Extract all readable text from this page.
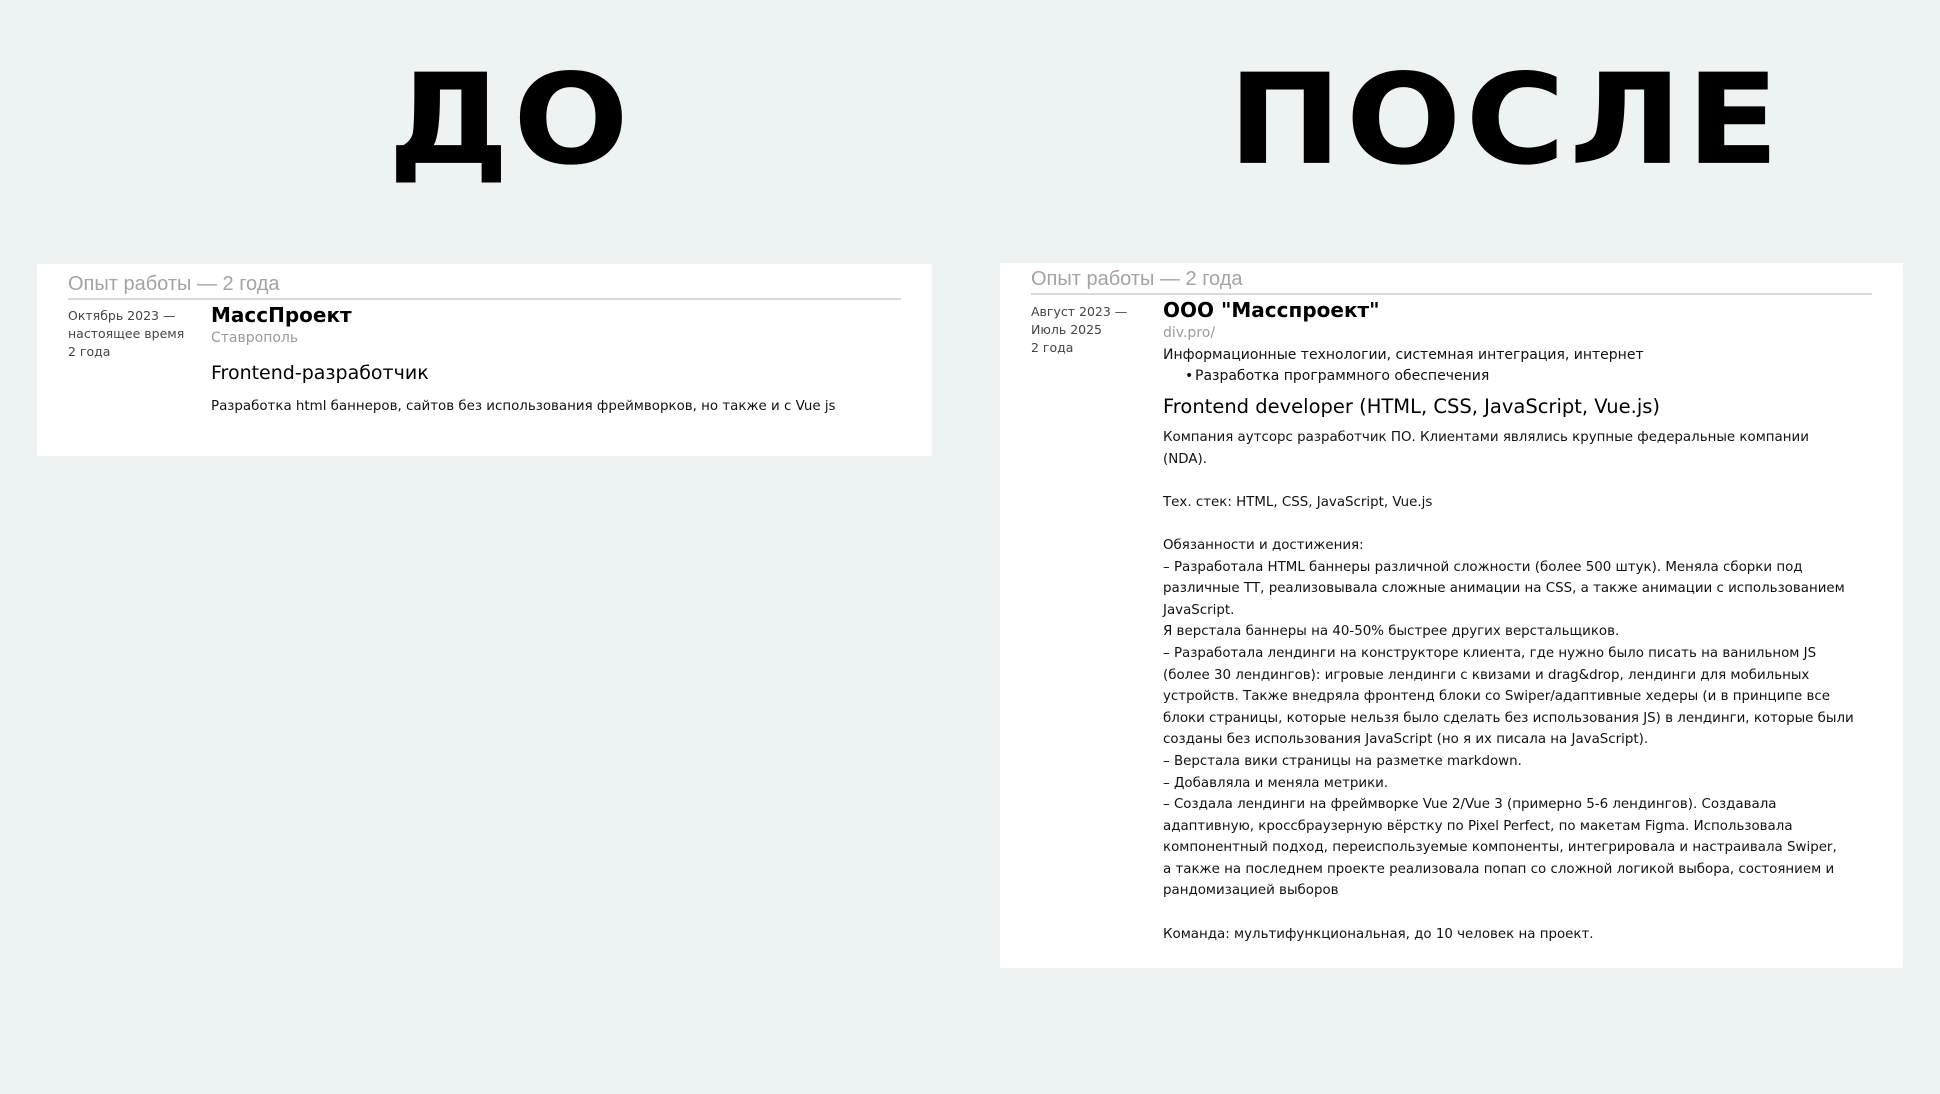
ДО	ПОСЛЕ
Опыт работы — 2 года
Октябрь 2023 —
настоящее время
2 года
МассПроект
Ставрополь
Frontend-разработчик
Разработка html баннеров, сайтов без использования фреймворков, но также и с Vue js
Опыт работы — 2 года
Август 2023 —
Июль 2025
2 года
ООО "Масспроект"
div.pro/
Информационные технологии, системная интеграция, интернет
• Разработка программного обеспечения
Frontend developer (HTML, CSS, JavaScript, Vue.js)
Компания аутсорс разработчик ПО. Клиентами являлись крупные федеральные компании
(NDA).

Тех. стек: HTML, CSS, JavaScript, Vue.js

Обязанности и достижения:
– Разработала HTML баннеры различной сложности (более 500 штук). Меняла сборки под
различные ТТ, реализовывала сложные анимации на CSS, а также анимации с использованием
JavaScript.
Я верстала баннеры на 40-50% быстрее других верстальщиков.
– Разработала лендинги на конструкторе клиента, где нужно было писать на ванильном JS
(более 30 лендингов): игровые лендинги с квизами и drag&drop, лендинги для мобильных
устройств. Также внедряла фронтенд блоки со Swiper/адаптивные хедеры (и в принципе все
блоки страницы, которые нельзя было сделать без использования JS) в лендинги, которые были
созданы без использования JavaScript (но я их писала на JavaScript).
– Верстала вики страницы на разметке markdown.
– Добавляла и меняла метрики.
– Создала лендинги на фреймворке Vue 2/Vue 3 (примерно 5-6 лендингов). Создавала
адаптивную, кроссбраузерную вёрстку по Pixel Perfect, по макетам Figma. Использовала
компонентный подход, переиспользуемые компоненты, интегрировала и настраивала Swiper,
а также на последнем проекте реализовала попап со сложной логикой выбора, состоянием и
рандомизацией выборов

Команда: мультифункциональная, до 10 человек на проект.
